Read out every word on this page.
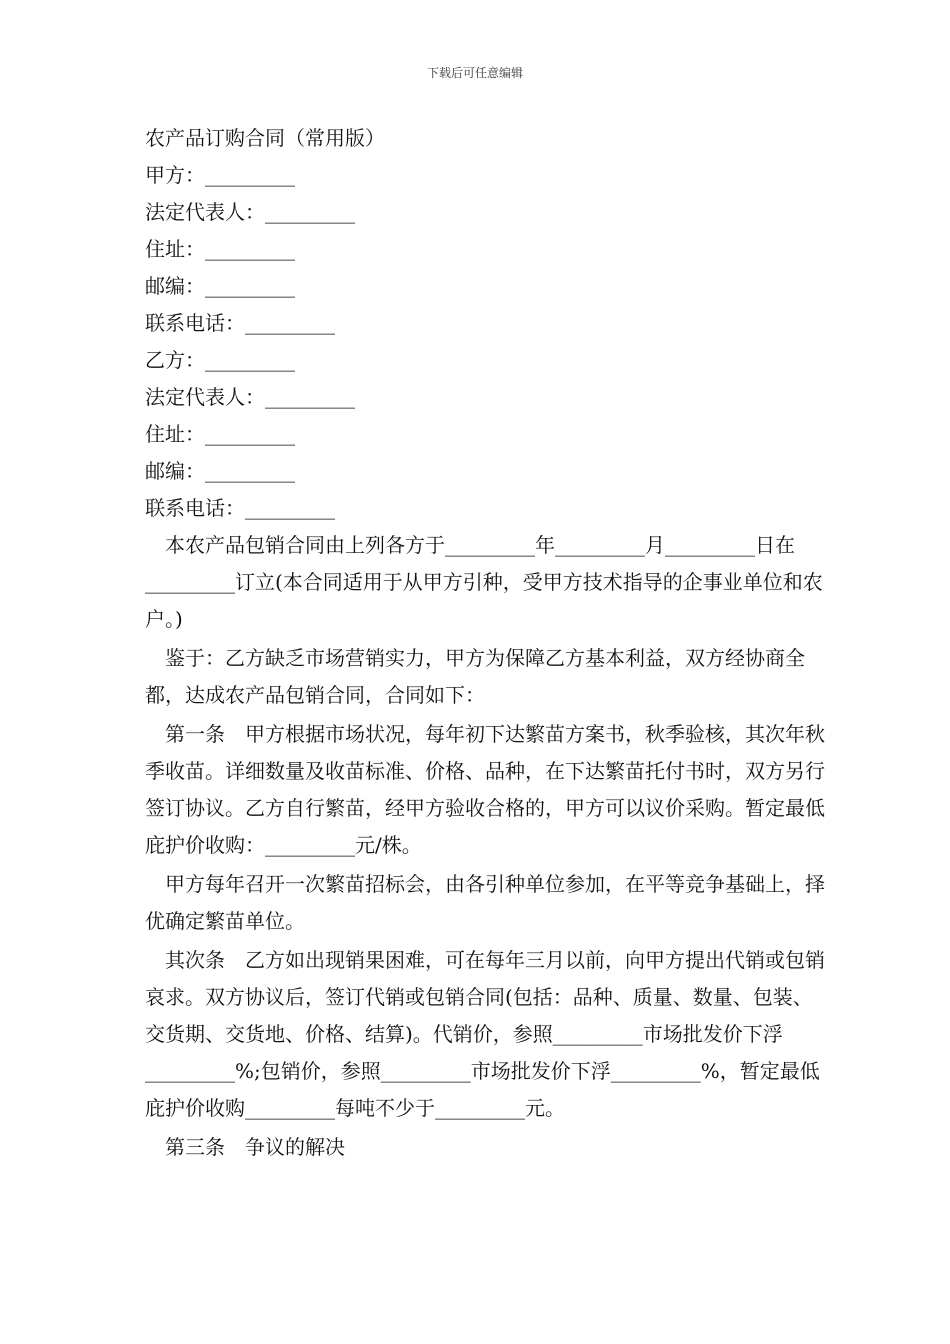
下载后可任意编辑

农产品订购合同（常用版）

甲方：_________

法定代表人：_________

住址：_________

邮编：_________

联系电话：_________

乙方：_________

法定代表人：_________

住址：_________

邮编：_________

联系电话：_________

本农产品包销合同由上列各方于_________年_________月_________日在_________订立(本合同适用于从甲方引种，受甲方技术指导的企事业单位和农户。)

鉴于：乙方缺乏市场营销实力，甲方为保障乙方基本利益，双方经协商全都，达成农产品包销合同，合同如下：

第一条　甲方根据市场状况，每年初下达繁苗方案书，秋季验核，其次年秋季收苗。详细数量及收苗标准、价格、品种，在下达繁苗托付书时，双方另行签订协议。乙方自行繁苗，经甲方验收合格的，甲方可以议价采购。暂定最低庇护价收购：_________元/株。

甲方每年召开一次繁苗招标会，由各引种单位参加，在平等竞争基础上，择优确定繁苗单位。

其次条　乙方如出现销果困难，可在每年三月以前，向甲方提出代销或包销哀求。双方协议后，签订代销或包销合同(包括：品种、质量、数量、包装、交货期、交货地、价格、结算)。代销价，参照_________市场批发价下浮_________%;包销价，参照_________市场批发价下浮_________%，暂定最低庇护价收购_________每吨不少于_________元。

第三条　争议的解决
